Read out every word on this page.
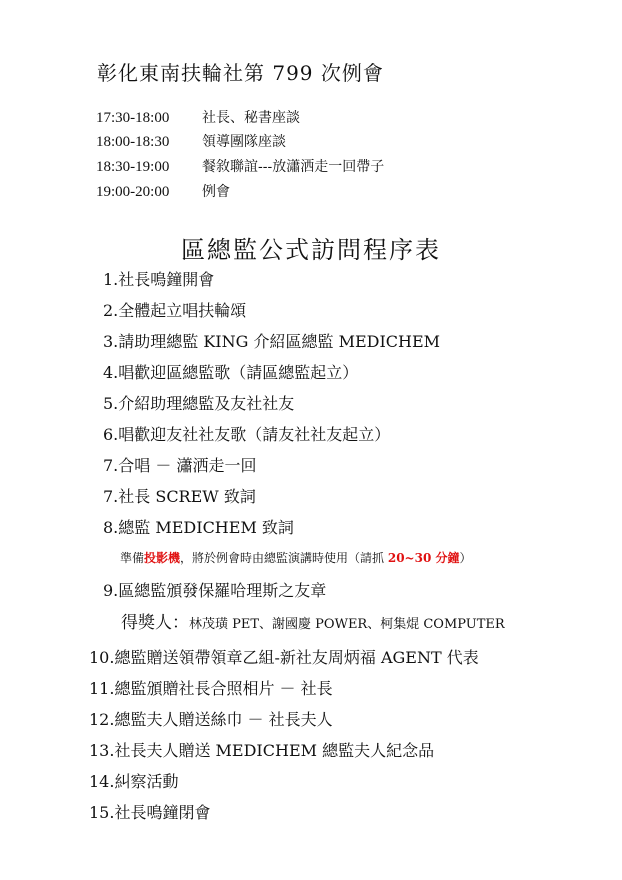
彰化東南扶輪社第 799 次例會
17:30-18:00 社長、秘書座談
18:00-18:30 領導團隊座談
18:30-19:00 餐敘聯誼---放瀟洒走一回帶子
19:00-20:00 例會
區總監公式訪問程序表
1.社長鳴鐘開會
2.全體起立唱扶輪頌
3.請助理總監 KING 介紹區總監 MEDICHEM
4.唱歡迎區總監歌（請區總監起立）
5.介紹助理總監及友社社友
6.唱歡迎友社社友歌（請友社社友起立）
7.合唱 － 瀟洒走一回
7.社長 SCREW 致詞
8.總監 MEDICHEM 致詞
準備投影機，將於例會時由總監演講時使用（請抓 20~30 分鐘）
9.區總監頒發保羅哈理斯之友章
得獎人：林茂璜 PET、謝國慶 POWER、柯集焜 COMPUTER
10.總監贈送領帶領章乙組-新社友周炳福 AGENT 代表
11.總監頒贈社長合照相片 － 社長
12.總監夫人贈送絲巾 － 社長夫人
13.社長夫人贈送 MEDICHEM 總監夫人紀念品
14.糾察活動
15.社長鳴鐘閉會
